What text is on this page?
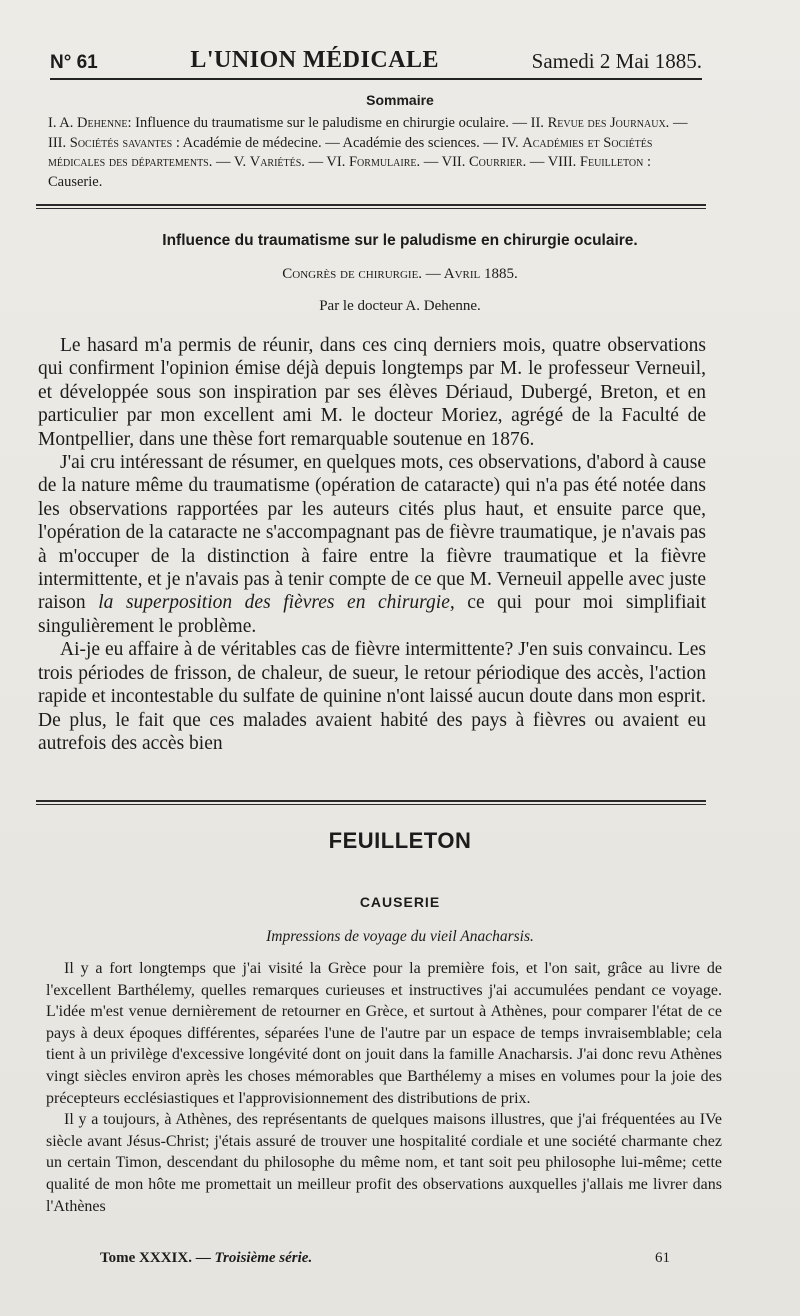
N° 61	L'UNION MÉDICALE	Samedi 2 Mai 1885.
Sommaire
I. A. Dehenne: Influence du traumatisme sur le paludisme en chirurgie oculaire. — II. Revue des Journaux. — III. Sociétés savantes : Académie de médecine. — Académie des sciences. — IV. Académies et Sociétés médicales des départements. — V. Variétés. — VI. Formulaire. — VII. Courrier. — VIII. Feuilleton : Causerie.
Influence du traumatisme sur le paludisme en chirurgie oculaire.
Congrès de chirurgie. — Avril 1885.
Par le docteur A. Dehenne.

Le hasard m'a permis de réunir, dans ces cinq derniers mois, quatre observations qui confirment l'opinion émise déjà depuis longtemps par M. le professeur Verneuil, et développée sous son inspiration par ses élèves Dériaud, Dubergé, Breton, et en particulier par mon excellent ami M. le docteur Moriez, agrégé de la Faculté de Montpellier, dans une thèse fort remarquable soutenue en 1876.

J'ai cru intéressant de résumer, en quelques mots, ces observations, d'abord à cause de la nature même du traumatisme (opération de cataracte) qui n'a pas été notée dans les observations rapportées par les auteurs cités plus haut, et ensuite parce que, l'opération de la cataracte ne s'accompagnant pas de fièvre traumatique, je n'avais pas à m'occuper de la distinction à faire entre la fièvre traumatique et la fièvre intermittente, et je n'avais pas à tenir compte de ce que M. Verneuil appelle avec juste raison la superposition des fièvres en chirurgie, ce qui pour moi simplifiait singulièrement le problème.

Ai-je eu affaire à de véritables cas de fièvre intermittente? J'en suis convaincu. Les trois périodes de frisson, de chaleur, de sueur, le retour périodique des accès, l'action rapide et incontestable du sulfate de quinine n'ont laissé aucun doute dans mon esprit. De plus, le fait que ces malades avaient habité des pays à fièvres ou avaient eu autrefois des accès bien

FEUILLETON
CAUSERIE
Impressions de voyage du vieil Anacharsis.

Il y a fort longtemps que j'ai visité la Grèce pour la première fois, et l'on sait, grâce au livre de l'excellent Barthélemy, quelles remarques curieuses et instructives j'ai accumulées pendant ce voyage. L'idée m'est venue dernièrement de retourner en Grèce, et surtout à Athènes, pour comparer l'état de ce pays à deux époques différentes, séparées l'une de l'autre par un espace de temps invraisemblable; cela tient à un privilège d'excessive longévité dont on jouit dans la famille Anacharsis. J'ai donc revu Athènes vingt siècles environ après les choses mémorables que Barthélemy a mises en volumes pour la joie des précepteurs ecclésiastiques et l'approvisionnement des distributions de prix.

Il y a toujours, à Athènes, des représentants de quelques maisons illustres, que j'ai fréquentées au IVe siècle avant Jésus-Christ; j'étais assuré de trouver une hospitalité cordiale et une société charmante chez un certain Timon, descendant du philosophe du même nom, et tant soit peu philosophe lui-même; cette qualité de mon hôte me promettait un meilleur profit des observations auxquelles j'allais me livrer dans l'Athènes

Tome XXXIX. — Troisième série.	61
